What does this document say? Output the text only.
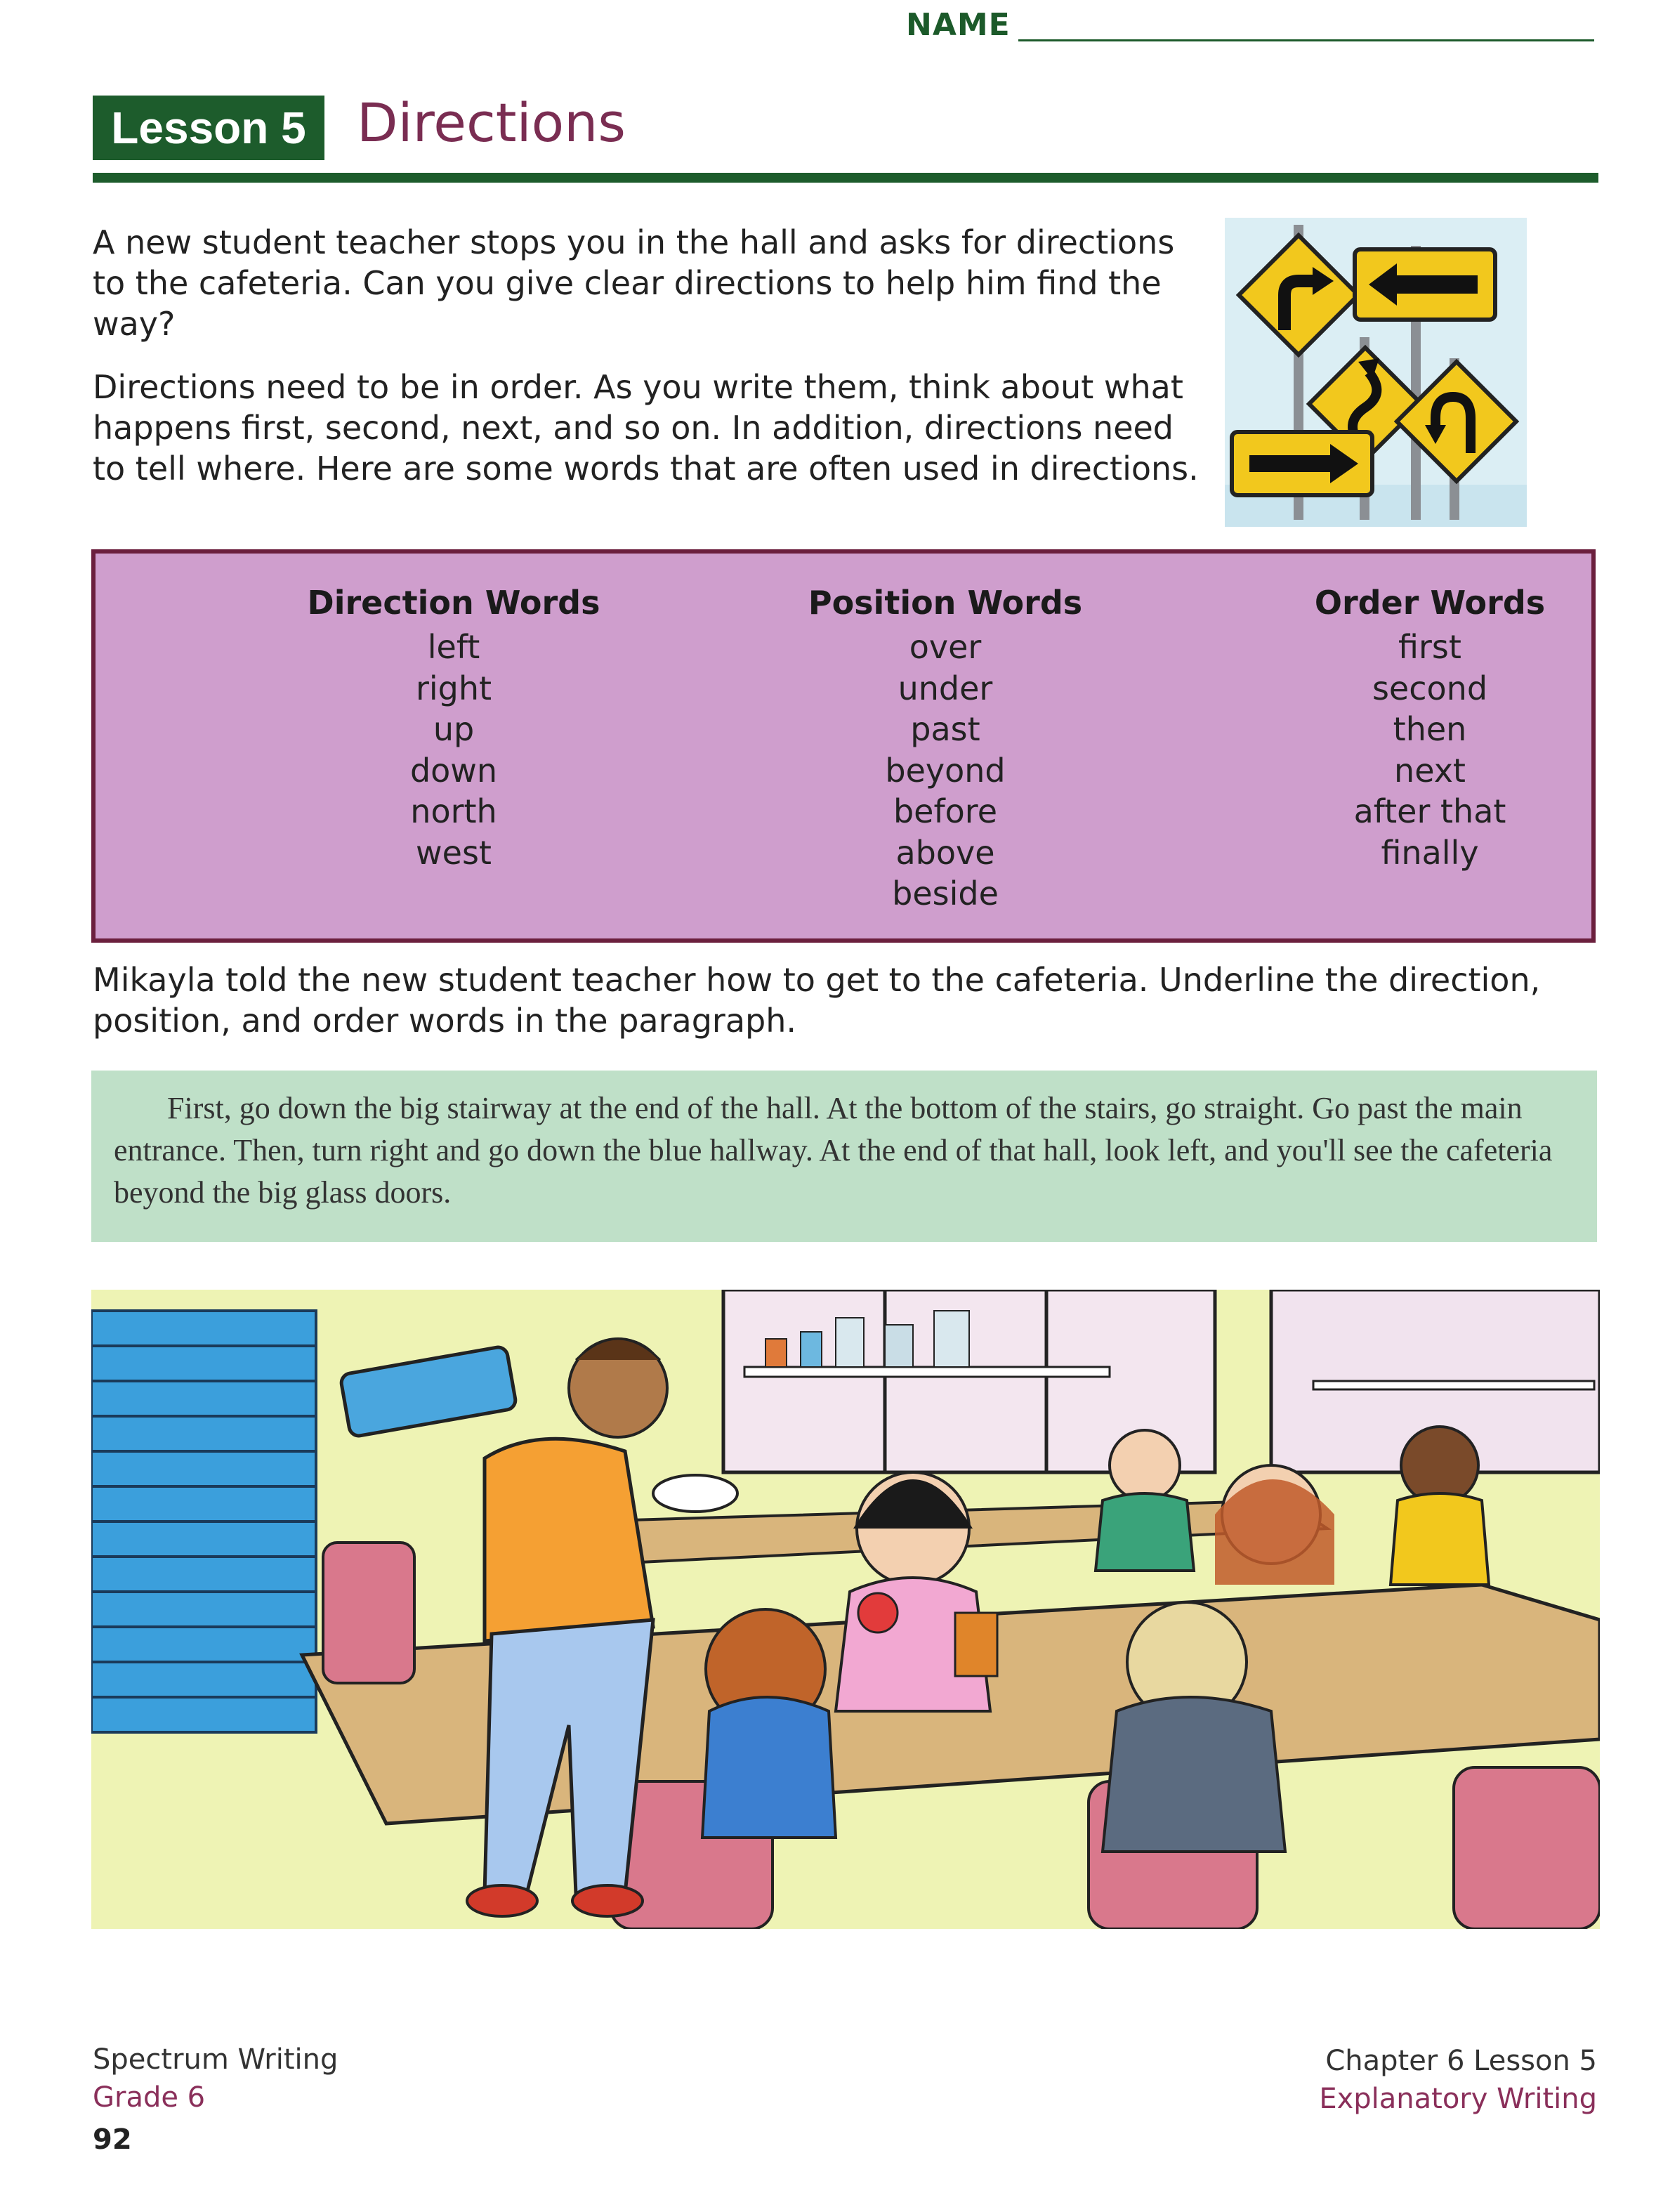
NAME
Lesson 5 Directions
A new student teacher stops you in the hall and asks for directions to the cafeteria. Can you give clear directions to help him find the way?
Directions need to be in order. As you write them, think about what happens first, second, next, and so on. In addition, directions need to tell where. Here are some words that are often used in directions.
Direction Words
left
right
up
down
north
west
Position Words
over
under
past
beyond
before
above
beside
Order Words
first
second
then
next
after that
finally
Mikayla told the new student teacher how to get to the cafeteria. Underline the direction, position, and order words in the paragraph.
First, go down the big stairway at the end of the hall. At the bottom of the stairs, go straight. Go past the main entrance. Then, turn right and go down the blue hallway. At the end of that hall, look left, and you'll see the cafeteria beyond the big glass doors.
Spectrum Writing
Grade 6
92
Chapter 6 Lesson 5
Explanatory Writing
